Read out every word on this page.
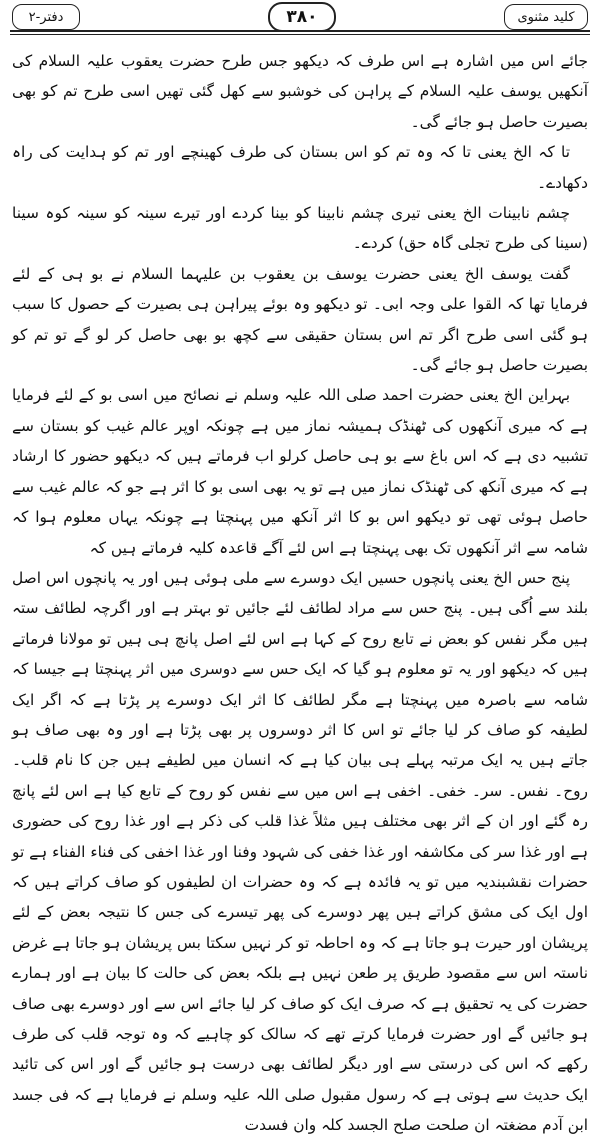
کلید مثنوی
۳۸۰
دفتر-۲

جائے اس میں اشارہ ہے اس طرف کہ دیکھو جس طرح حضرت یعقوب علیہ السلام کی آنکھیں یوسف علیہ السلام کے پراہن کی خوشبو سے کھل گئی تھیں اسی طرح تم کو بھی بصیرت حاصل ہو جائے گی۔

تا کہ الخ یعنی تا کہ وہ تم کو اس بستان کی طرف کھینچے اور تم کو ہدایت کی راہ دکھادے۔

چشم نابینات الخ یعنی تیری چشم نابینا کو بینا کردے اور تیرے سینہ کو سینہ کوہ سینا (سینا کی طرح تجلی گاہ حق) کردے۔

گفت یوسف الخ یعنی حضرت یوسف بن یعقوب بن علیہما السلام نے بو ہی کے لئے فرمایا تھا کہ القوا علی وجہ ابی۔ تو دیکھو وہ بوئے پیراہن ہی بصیرت کے حصول کا سبب ہو گئی اسی طرح اگر تم اس بستان حقیقی سے کچھ بو بھی حاصل کر لو گے تو تم کو بصیرت حاصل ہو جائے گی۔

بہراین الخ یعنی حضرت احمد صلی اللہ علیہ وسلم نے نصائح میں اسی بو کے لئے فرمایا ہے کہ میری آنکھوں کی ٹھنڈک ہمیشہ نماز میں ہے چونکہ اوپر عالم غیب کو بستان سے تشبیہ دی ہے کہ اس باغ سے بو ہی حاصل کرلو اب فرماتے ہیں کہ دیکھو حضور کا ارشاد ہے کہ میری آنکھ کی ٹھنڈک نماز میں ہے تو یہ بھی اسی بو کا اثر ہے جو کہ عالم غیب سے حاصل ہوئی تھی تو دیکھو اس بو کا اثر آنکھ میں پہنچتا ہے چونکہ یہاں معلوم ہوا کہ شامہ سے اثر آنکھوں تک بھی پہنچتا ہے اس لئے آگے قاعدہ کلیہ فرماتے ہیں کہ

پنج حس الخ یعنی پانچوں حسیں ایک دوسرے سے ملی ہوئی ہیں اور یہ پانچوں اس اصل بلند سے اُگی ہیں۔ پنج حس سے مراد لطائف لئے جائیں تو بہتر ہے اور اگرچہ لطائف ستہ ہیں مگر نفس کو بعض نے تابع روح کے کہا ہے اس لئے اصل پانچ ہی ہیں تو مولانا فرماتے ہیں کہ دیکھو اور یہ تو معلوم ہو گیا کہ ایک حس سے دوسری میں اثر پہنچتا ہے جیسا کہ شامہ سے باصرہ میں پہنچتا ہے مگر لطائف کا اثر ایک دوسرے پر پڑتا ہے کہ اگر ایک لطیفہ کو صاف کر لیا جائے تو اس کا اثر دوسروں پر بھی پڑتا ہے اور وہ بھی صاف ہو جاتے ہیں یہ ایک مرتبہ پہلے ہی بیان کیا ہے کہ انسان میں لطیفے ہیں جن کا نام قلب۔ روح۔ نفس۔ سر۔ خفی۔ اخفی ہے اس میں سے نفس کو روح کے تابع کیا ہے اس لئے پانچ رہ گئے اور ان کے اثر بھی مختلف ہیں مثلاً غذا قلب کی ذکر ہے اور غذا روح کی حضوری ہے اور غذا سر کی مکاشفہ اور غذا خفی کی شہود وفنا اور غذا اخفی کی فناء الفناء ہے تو حضرات نقشبندیہ میں تو یہ فائدہ ہے کہ وہ حضرات ان لطیفوں کو صاف کراتے ہیں کہ اول ایک کی مشق کراتے ہیں پھر دوسرے کی پھر تیسرے کی جس کا نتیجہ بعض کے لئے پریشان اور حیرت ہو جاتا ہے کہ وہ احاطہ تو کر نہیں سکتا بس پریشان ہو جاتا ہے غرض ناستہ اس سے مقصود طریق پر طعن نہیں ہے بلکہ بعض کی حالت کا بیان ہے اور ہمارے حضرت کی یہ تحقیق ہے کہ صرف ایک کو صاف کر لیا جائے اس سے اور دوسرے بھی صاف ہو جائیں گے اور حضرت فرمایا کرتے تھے کہ سالک کو چاہیے کہ وہ توجہ قلب کی طرف رکھے کہ اس کی درستی سے اور دیگر لطائف بھی درست ہو جائیں گے اور اس کی تائید ایک حدیث سے ہوتی ہے کہ رسول مقبول صلی اللہ علیہ وسلم نے فرمایا ہے کہ فی جسد ابن آدم مضغتہ ان صلحت صلح الجسد کلہ وان فسدت
